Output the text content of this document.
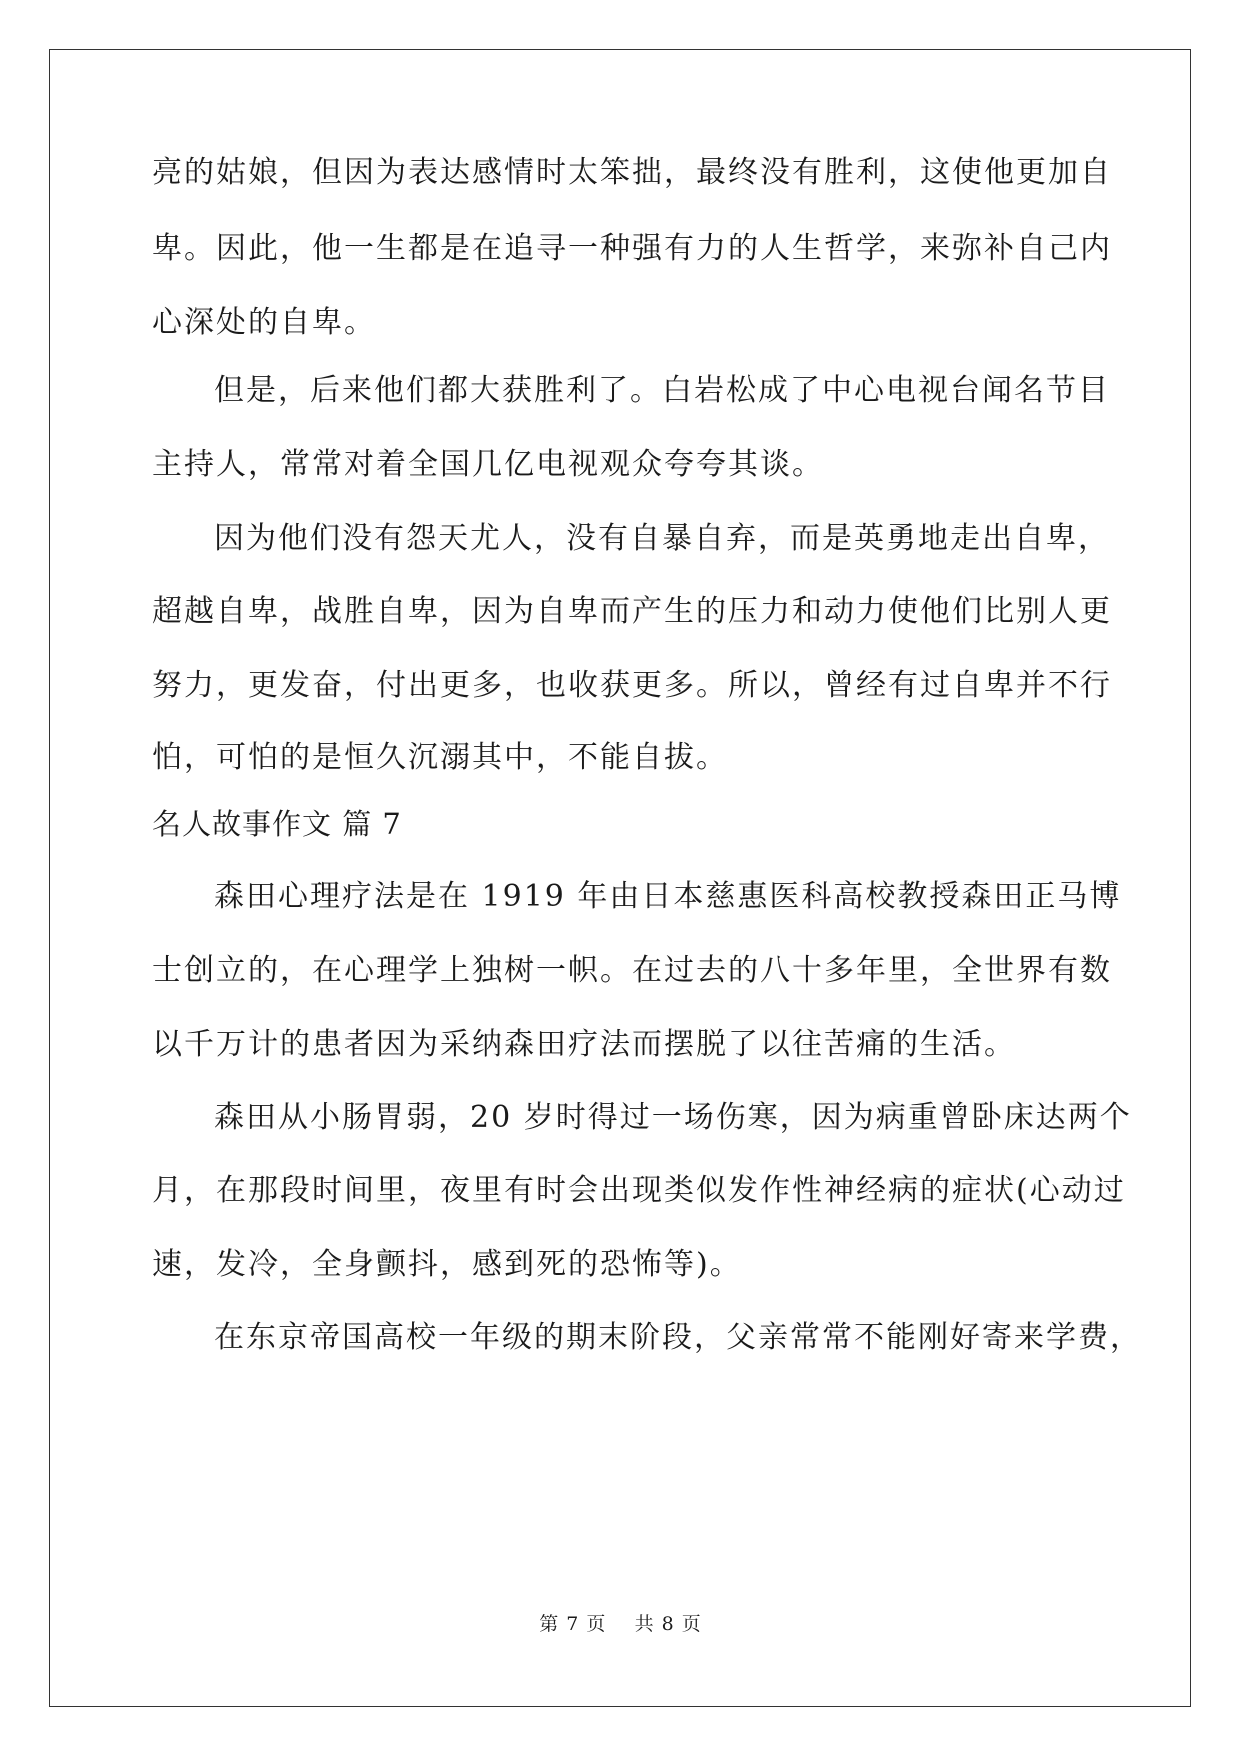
亮的姑娘，但因为表达感情时太笨拙，最终没有胜利，这使他更加自
卑。因此，他一生都是在追寻一种强有力的人生哲学，来弥补自己内
心深处的自卑。
但是，后来他们都大获胜利了。白岩松成了中心电视台闻名节目
主持人，常常对着全国几亿电视观众夸夸其谈。
因为他们没有怨天尤人，没有自暴自弃，而是英勇地走出自卑，
超越自卑，战胜自卑，因为自卑而产生的压力和动力使他们比别人更
努力，更发奋，付出更多，也收获更多。所以，曾经有过自卑并不行
怕，可怕的是恒久沉溺其中，不能自拔。
名人故事作文 篇 7
森田心理疗法是在 1919 年由日本慈惠医科高校教授森田正马博
士创立的，在心理学上独树一帜。在过去的八十多年里，全世界有数
以千万计的患者因为采纳森田疗法而摆脱了以往苦痛的生活。
森田从小肠胃弱，20 岁时得过一场伤寒，因为病重曾卧床达两个
月，在那段时间里，夜里有时会出现类似发作性神经病的症状(心动过
速，发冷，全身颤抖，感到死的恐怖等)。
在东京帝国高校一年级的期末阶段，父亲常常不能刚好寄来学费，
第 7 页 共 8 页
